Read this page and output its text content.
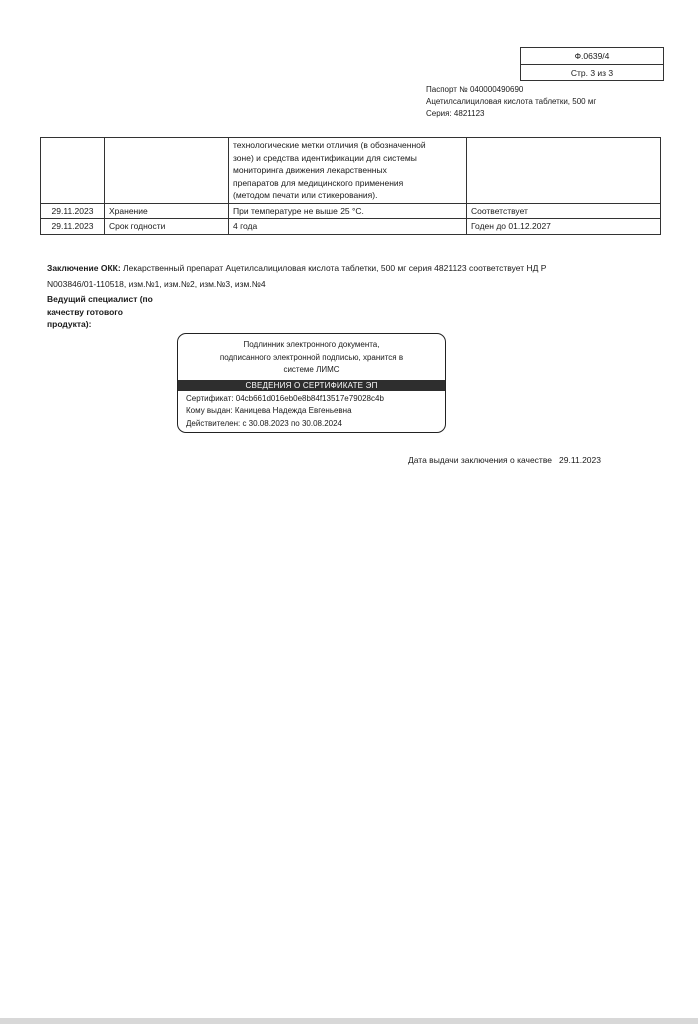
Ф.0639/4
Стр. 3 из 3
Паспорт № 040000490690
Ацетилсалициловая кислота таблетки, 500 мг
Серия: 4821123

		технологические метки отличия (в обозначенной
зоне) и средства идентификации для системы
мониторинга движения лекарственных
препаратов для медицинского применения
(методом печати или стикерования).	

29.11.2023	Хранение	При температуре не выше 25 °С.	Соответствует
29.11.2023	Срок годности	4 года	Годен до 01.12.2027
Заключение ОКК: Лекарственный препарат Ацетилсалициловая кислота таблетки, 500 мг серия 4821123 соответствует НД Р N003846/01-110518, изм.№1, изм.№2, изм.№3, изм.№4
Ведущий специалист (по качеству готового продукта):
Подлинник электронного документа,
подписанного электронной подписью, хранится в
системе ЛИМС
СВЕДЕНИЯ О СЕРТИФИКАТЕ ЭП
Сертификат: 04cb661d016eb0e8b84f13517e79028c4b
Кому выдан: Каницева Надежда Евгеньевна
Действителен: с 30.08.2023 по 30.08.2024
Дата выдачи заключения о качестве   29.11.2023
